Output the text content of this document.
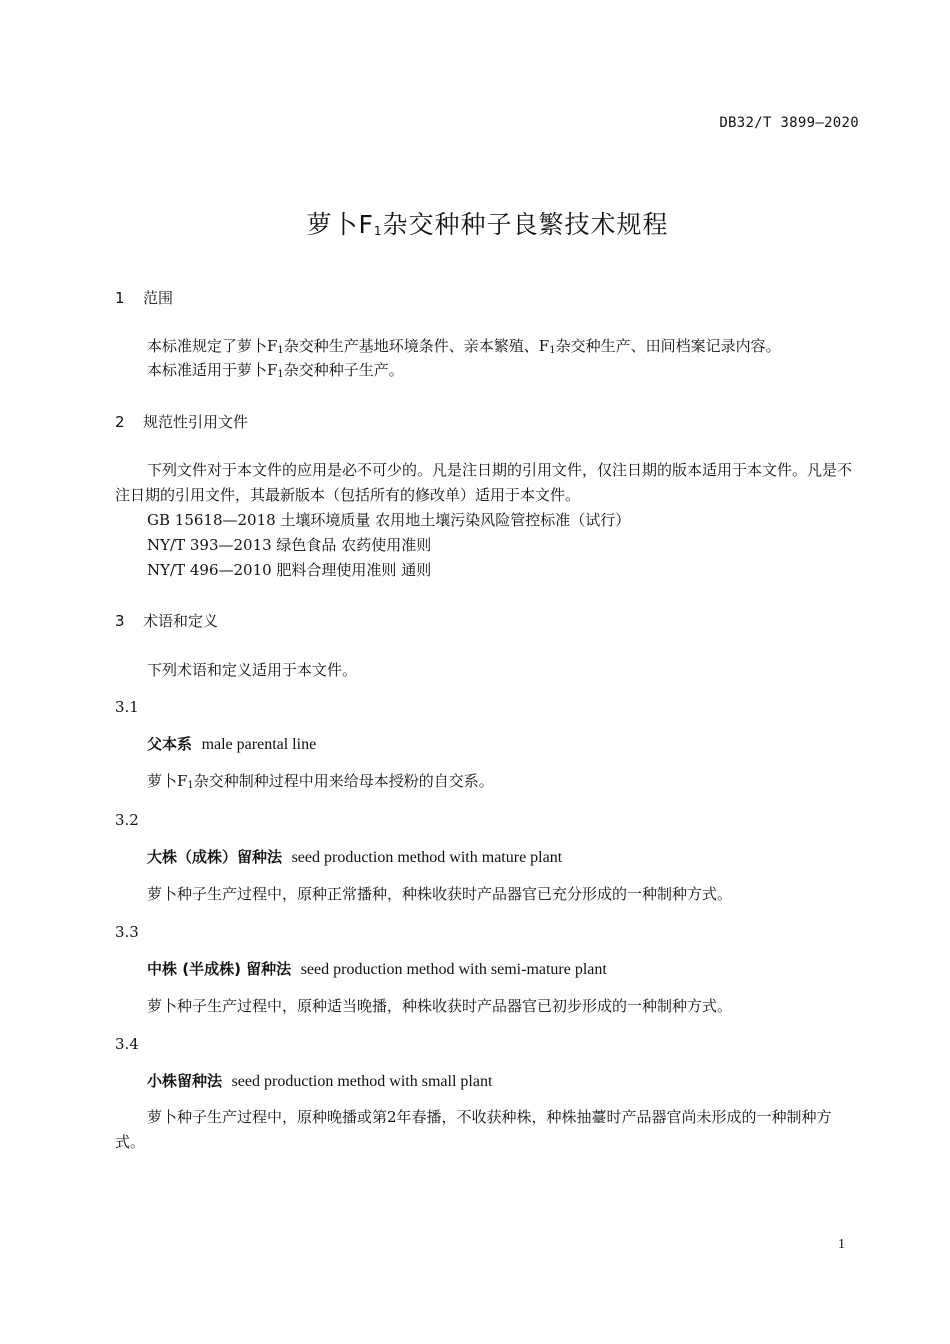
DB32/T 3899—2020
萝卜$F_1$杂交种种子良繁技术规程
1 范围
本标准规定了萝卜$F_1$杂交种生产基地环境条件、亲本繁殖、$F_1$杂交种生产、田间档案记录内容。
本标准适用于萝卜$F_1$杂交种种子生产。
2 规范性引用文件
下列文件对于本文件的应用是必不可少的。凡是注日期的引用文件，仅注日期的版本适用于本文件。凡是不注日期的引用文件，其最新版本（包括所有的修改单）适用于本文件。
GB 15618—2018 土壤环境质量 农用地土壤污染风险管控标准（试行）
NY/T 393—2013 绿色食品 农药使用准则
NY/T 496—2010 肥料合理使用准则 通则
3 术语和定义
下列术语和定义适用于本文件。
3.1
父本系 male parental line
萝卜$F_1$杂交种制种过程中用来给母本授粉的自交系。
3.2
大株（成株）留种法 seed production method with mature plant
萝卜种子生产过程中，原种正常播种，种株收获时产品器官已充分形成的一种制种方式。
3.3
中株 (半成株) 留种法 seed production method with semi-mature plant
萝卜种子生产过程中，原种适当晚播，种株收获时产品器官已初步形成的一种制种方式。
3.4
小株留种法 seed production method with small plant
萝卜种子生产过程中，原种晚播或第2年春播，不收获种株，种株抽薹时产品器官尚未形成的一种制种方式。
1
